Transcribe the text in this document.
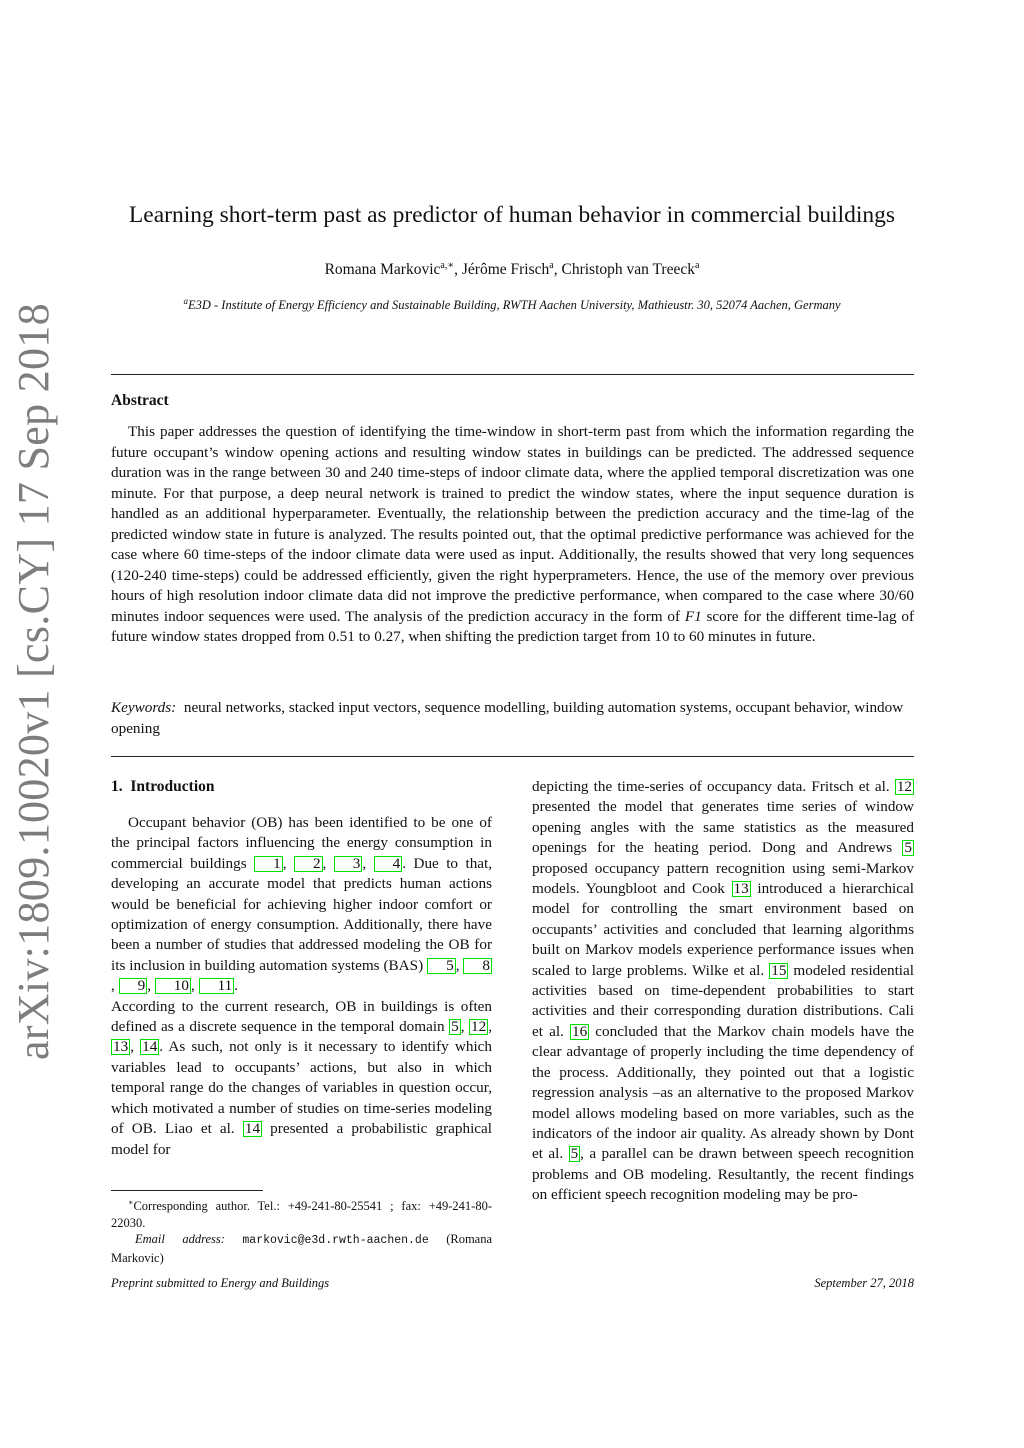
arXiv:1809.10020v1 [cs.CY] 17 Sep 2018
Learning short-term past as predictor of human behavior in commercial buildings
Romana Markovic$^{a,∗}$, Jérôme Frisch$^a$, Christoph van Treeck$^a$
$^a$E3D - Institute of Energy Efficiency and Sustainable Building, RWTH Aachen University, Mathieustr. 30, 52074 Aachen, Germany
Abstract

This paper addresses the question of identifying the time-window in short-term past from which the information regarding the future occupant’s window opening actions and resulting window states in buildings can be predicted. The addressed sequence duration was in the range between 30 and 240 time-steps of indoor climate data, where the applied temporal discretization was one minute. For that purpose, a deep neural network is trained to predict the window states, where the input sequence duration is handled as an additional hyperparameter. Eventually, the relationship between the prediction accuracy and the time-lag of the predicted window state in future is analyzed. The results pointed out, that the optimal predictive performance was achieved for the case where 60 time-steps of the indoor climate data were used as input. Additionally, the results showed that very long sequences (120-240 time-steps) could be addressed efficiently, given the right hyperprameters. Hence, the use of the memory over previous hours of high resolution indoor climate data did not improve the predictive performance, when compared to the case where 30/60 minutes indoor sequences were used. The analysis of the prediction accuracy in the form of F1 score for the different time-lag of future window states dropped from 0.51 to 0.27, when shifting the prediction target from 10 to 60 minutes in future.

Keywords: neural networks, stacked input vectors, sequence modelling, building automation systems, occupant behavior, window opening

1. Introduction

Occupant behavior (OB) has been identified to be one of the principal factors influencing the energy consumption in commercial buildings 1 , 2 , 3 , 4 . Due to that, developing an accurate model that predicts human actions would be beneficial for achieving higher indoor comfort or optimization of energy consumption. Additionally, there have been a number of studies that addressed modeling the OB for its inclusion in building automation systems (BAS) 5 , 8, 9 , 10 , 11 .

According to the current research, OB in buildings is often defined as a discrete sequence in the temporal domain 5 , 12 , 13 , 14 . As such, not only is it necessary to identify which variables lead to occupants’ actions, but also in which temporal range do the changes of variables in question occur, which motivated a number of studies on time-series modeling of OB. Liao et al. 14 presented a probabilistic graphical model for

depicting the time-series of occupancy data. Fritsch et al. 12 presented the model that generates time series of window opening angles with the same statistics as the measured openings for the heating period. Dong and Andrews 5 proposed occupancy pattern recognition using semi-Markov models. Youngbloot and Cook 13 introduced a hierarchical model for controlling the smart environment based on occupants’ activities and concluded that learning algorithms built on Markov models experience performance issues when scaled to large problems. Wilke et al. 15 modeled residential activities based on time-dependent probabilities to start activities and their corresponding duration distributions. Cali et al. 16 concluded that the Markov chain models have the clear advantage of properly including the time dependency of the process. Additionally, they pointed out that a logistic regression analysis –as an alternative to the proposed Markov model allows modeling based on more variables, such as the indicators of the indoor air quality. As already shown by Dont et al. 5 , a parallel can be drawn between speech recognition problems and OB modeling. Resultantly, the recent findings on efficient speech recognition modeling may be pro-

∗Corresponding author. Tel.: +49-241-80-25541 ; fax: +49-241-80-22030.
Email address: markovic@e3d.rwth-aachen.de (Romana Markovic)
Preprint submitted to Energy and Buildings	September 27, 2018
